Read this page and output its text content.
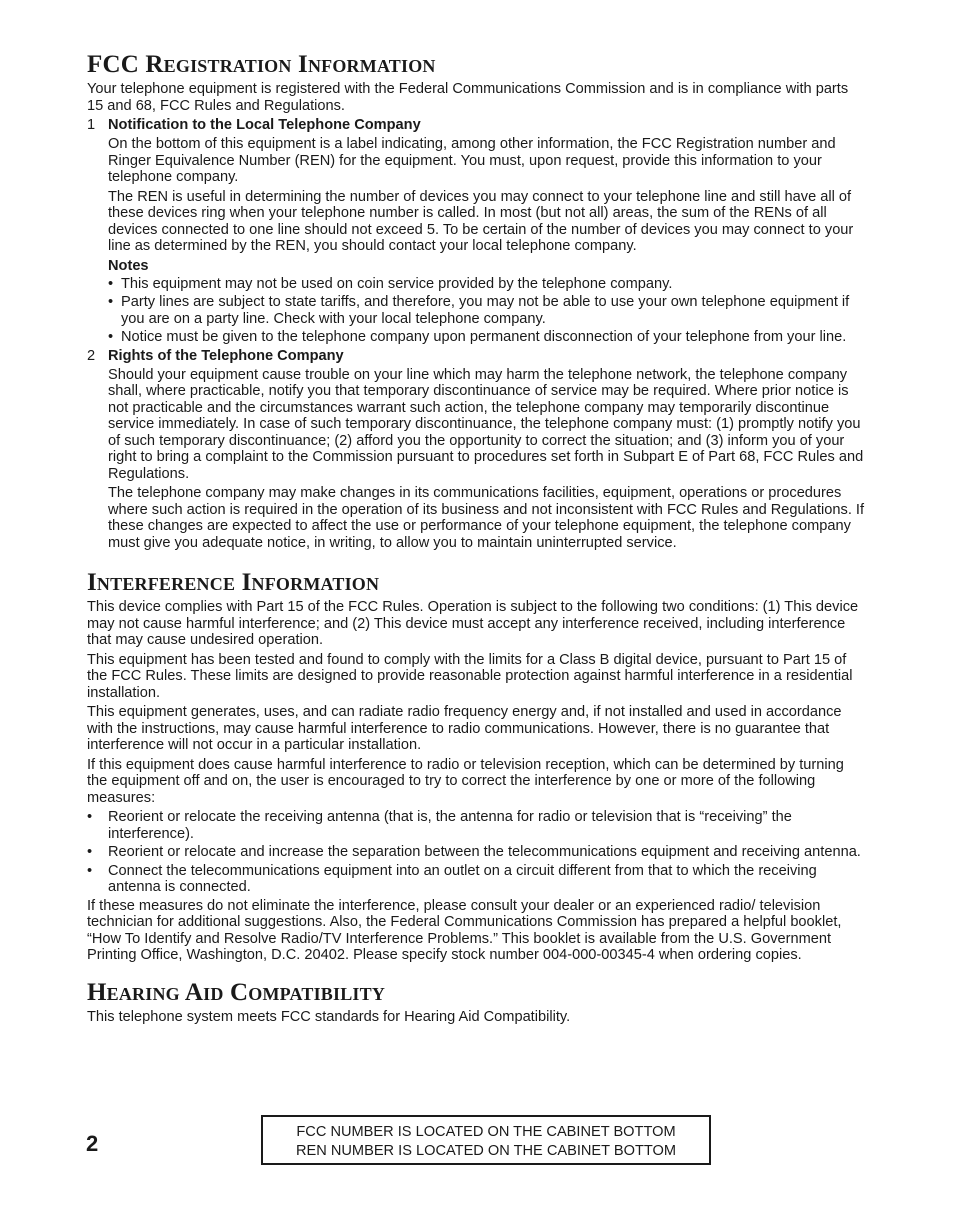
FCC Registration Information

Your telephone equipment is registered with the Federal Communications Commission and is in compliance with parts 15 and 68, FCC Rules and Regulations.

1 Notification to the Local Telephone Company

On the bottom of this equipment is a label indicating, among other information, the FCC Registration number and Ringer Equivalence Number (REN) for the equipment. You must, upon request, provide this information to your telephone company.

The REN is useful in determining the number of devices you may connect to your telephone line and still have all of these devices ring when your telephone number is called. In most (but not all) areas, the sum of the RENs of all devices connected to one line should not exceed 5. To be certain of the number of devices you may connect to your line as determined by the REN, you should contact your local telephone company.

Notes
• This equipment may not be used on coin service provided by the telephone company.
• Party lines are subject to state tariffs, and therefore, you may not be able to use your own telephone equipment if you are on a party line. Check with your local telephone company.
• Notice must be given to the telephone company upon permanent disconnection of your telephone from your line.
2 Rights of the Telephone Company

Should your equipment cause trouble on your line which may harm the telephone network, the telephone company shall, where practicable, notify you that temporary discontinuance of service may be required. Where prior notice is not practicable and the circumstances warrant such action, the telephone company may temporarily discontinue service immediately. In case of such temporary discontinuance, the telephone company must: (1) promptly notify you of such temporary discontinuance; (2) afford you the opportunity to correct the situation; and (3) inform you of your right to bring a complaint to the Commission pursuant to procedures set forth in Subpart E of Part 68, FCC Rules and Regulations.

The telephone company may make changes in its communications facilities, equipment, operations or procedures where such action is required in the operation of its business and not inconsistent with FCC Rules and Regulations. If these changes are expected to affect the use or performance of your telephone equipment, the telephone company must give you adequate notice, in writing, to allow you to maintain uninterrupted service.

Interference Information

This device complies with Part 15 of the FCC Rules. Operation is subject to the following two conditions: (1) This device may not cause harmful interference; and (2) This device must accept any interference received, including interference that may cause undesired operation.

This equipment has been tested and found to comply with the limits for a Class B digital device, pursuant to Part 15 of the FCC Rules. These limits are designed to provide reasonable protection against harmful interference in a residential installation.

This equipment generates, uses, and can radiate radio frequency energy and, if not installed and used in accordance with the instructions, may cause harmful interference to radio communications. However, there is no guarantee that interference will not occur in a particular installation.

If this equipment does cause harmful interference to radio or television reception, which can be determined by turning the equipment off and on, the user is encouraged to try to correct the interference by one or more of the following measures:

• Reorient or relocate the receiving antenna (that is, the antenna for radio or television that is “receiving” the interference).
• Reorient or relocate and increase the separation between the telecommunications equipment and receiving antenna.
• Connect the telecommunications equipment into an outlet on a circuit different from that to which the receiving antenna is connected.

If these measures do not eliminate the interference, please consult your dealer or an experienced radio/ television technician for additional suggestions. Also, the Federal Communications Commission has prepared a helpful booklet, “How To Identify and Resolve Radio/TV Interference Problems.” This booklet is available from the U.S. Government Printing Office, Washington, D.C. 20402. Please specify stock number 004-000-00345-4 when ordering copies.

Hearing Aid Compatibility

This telephone system meets FCC standards for Hearing Aid Compatibility.

2	FCC NUMBER IS LOCATED ON THE CABINET BOTTOM
REN NUMBER IS LOCATED ON THE CABINET BOTTOM
